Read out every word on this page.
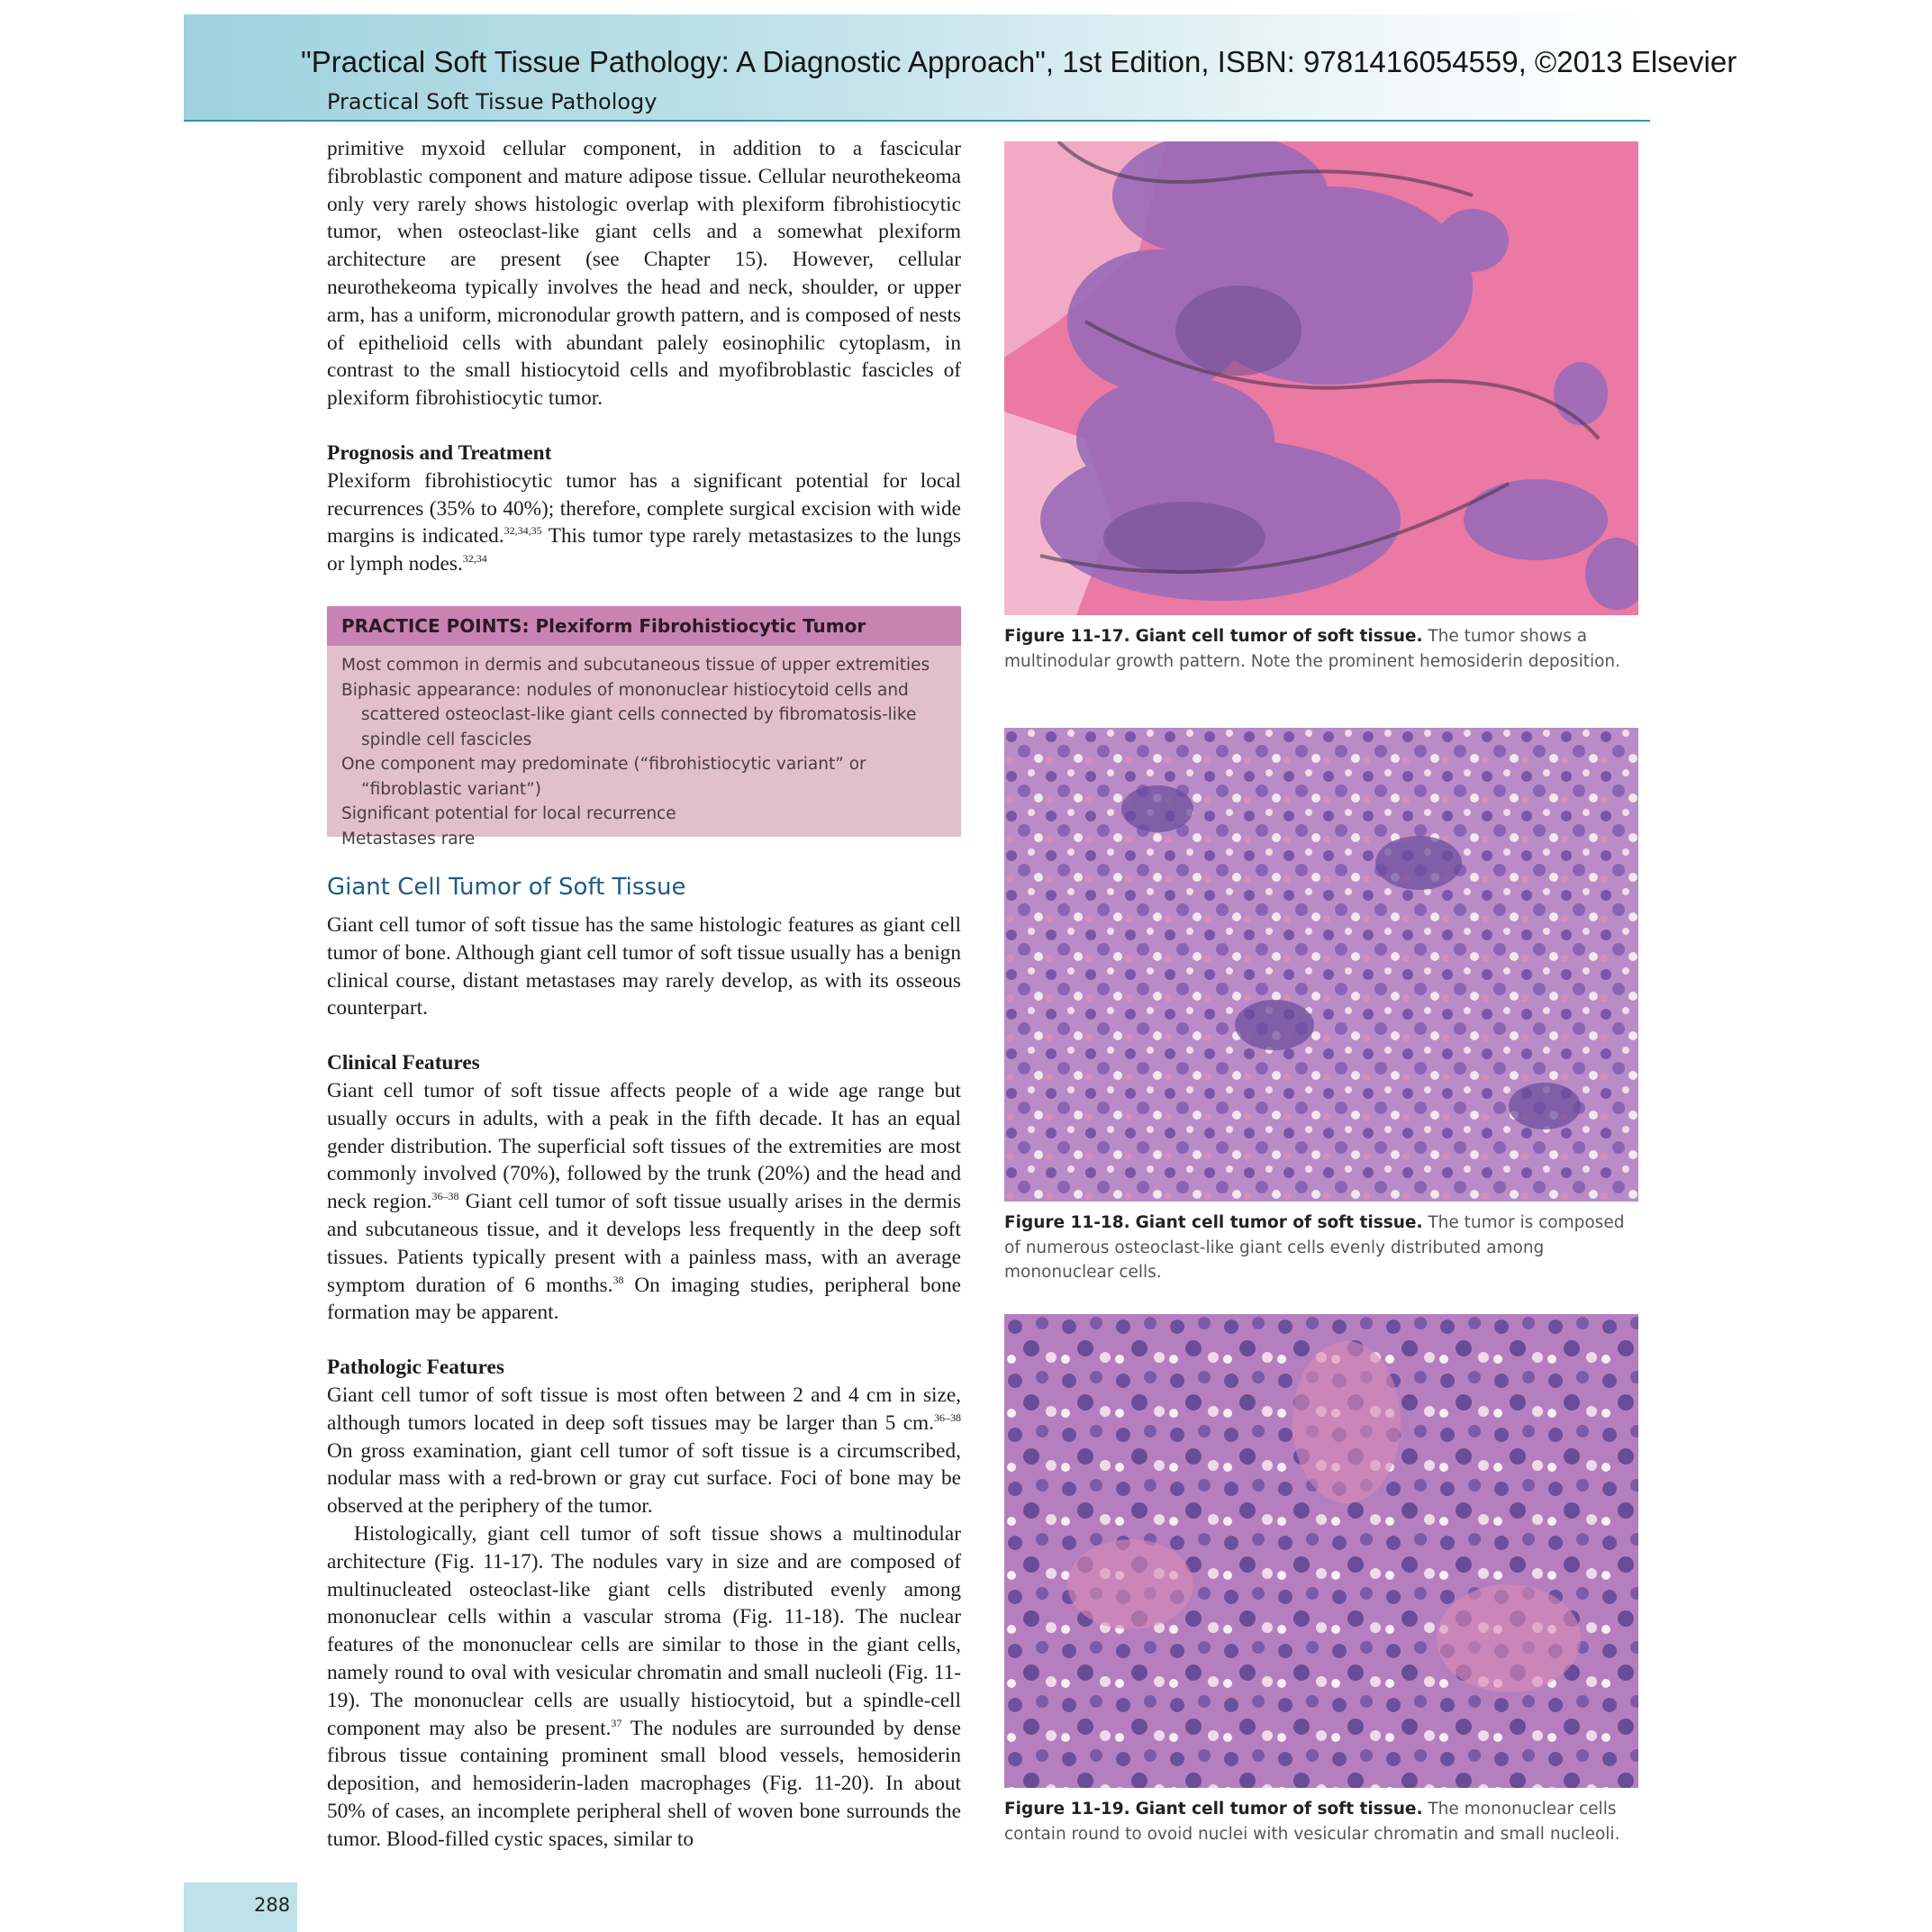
"Practical Soft Tissue Pathology: A Diagnostic Approach", 1st Edition, ISBN: 9781416054559, ©2013 Elsevier
Practical Soft Tissue Pathology

primitive myxoid cellular component, in addition to a fascicular fibroblastic component and mature adipose tissue. Cellular neurothekeoma only very rarely shows histologic overlap with plexiform fibrohistiocytic tumor, when osteoclast-like giant cells and a somewhat plexiform architecture are present (see Chapter 15). However, cellular neurothekeoma typically involves the head and neck, shoulder, or upper arm, has a uniform, micronodular growth pattern, and is composed of nests of epithelioid cells with abundant palely eosinophilic cytoplasm, in contrast to the small histiocytoid cells and myofibroblastic fascicles of plexiform fibrohistiocytic tumor.

Prognosis and Treatment

Plexiform fibrohistiocytic tumor has a significant potential for local recurrences (35% to 40%); therefore, complete surgical excision with wide margins is indicated.$^{32,34,35}$ This tumor type rarely metastasizes to the lungs or lymph nodes.$^{32,34}$

PRACTICE POINTS: Plexiform Fibrohistiocytic Tumor
Most common in dermis and subcutaneous tissue of upper extremities
Biphasic appearance: nodules of mononuclear histiocytoid cells and scattered osteoclast-like giant cells connected by fibromatosis-like spindle cell fascicles
One component may predominate (“fibrohistiocytic variant” or “fibroblastic variant”)
Significant potential for local recurrence
Metastases rare

Giant Cell Tumor of Soft Tissue

Giant cell tumor of soft tissue has the same histologic features as giant cell tumor of bone. Although giant cell tumor of soft tissue usually has a benign clinical course, distant metastases may rarely develop, as with its osseous counterpart.

Clinical Features

Giant cell tumor of soft tissue affects people of a wide age range but usually occurs in adults, with a peak in the fifth decade. It has an equal gender distribution. The superficial soft tissues of the extremities are most commonly involved (70%), followed by the trunk (20%) and the head and neck region.$^{36-38}$ Giant cell tumor of soft tissue usually arises in the dermis and subcutaneous tissue, and it develops less frequently in the deep soft tissues. Patients typically present with a painless mass, with an average symptom duration of 6 months.$^{38}$ On imaging studies, peripheral bone formation may be apparent.

Pathologic Features

Giant cell tumor of soft tissue is most often between 2 and 4 cm in size, although tumors located in deep soft tissues may be larger than 5 cm.$^{36-38}$ On gross examination, giant cell tumor of soft tissue is a circumscribed, nodular mass with a red-brown or gray cut surface. Foci of bone may be observed at the periphery of the tumor.

Histologically, giant cell tumor of soft tissue shows a multinodular architecture (Fig. 11-17). The nodules vary in size and are composed of multinucleated osteoclast-like giant cells distributed evenly among mononuclear cells within a vascular stroma (Fig. 11-18). The nuclear features of the mononuclear cells are similar to those in the giant cells, namely round to oval with vesicular chromatin and small nucleoli (Fig. 11-19). The mononuclear cells are usually histiocytoid, but a spindle-cell component may also be present.$^{37}$ The nodules are surrounded by dense fibrous tissue containing prominent small blood vessels, hemosiderin deposition, and hemosiderin-laden macrophages (Fig. 11-20). In about 50% of cases, an incomplete peripheral shell of woven bone surrounds the tumor. Blood-filled cystic spaces, similar to

Figure 11-17. Giant cell tumor of soft tissue. The tumor shows a multinodular growth pattern. Note the prominent hemosiderin deposition.
Figure 11-18. Giant cell tumor of soft tissue. The tumor is composed of numerous osteoclast-like giant cells evenly distributed among mononuclear cells.
Figure 11-19. Giant cell tumor of soft tissue. The mononuclear cells contain round to ovoid nuclei with vesicular chromatin and small nucleoli.
288
